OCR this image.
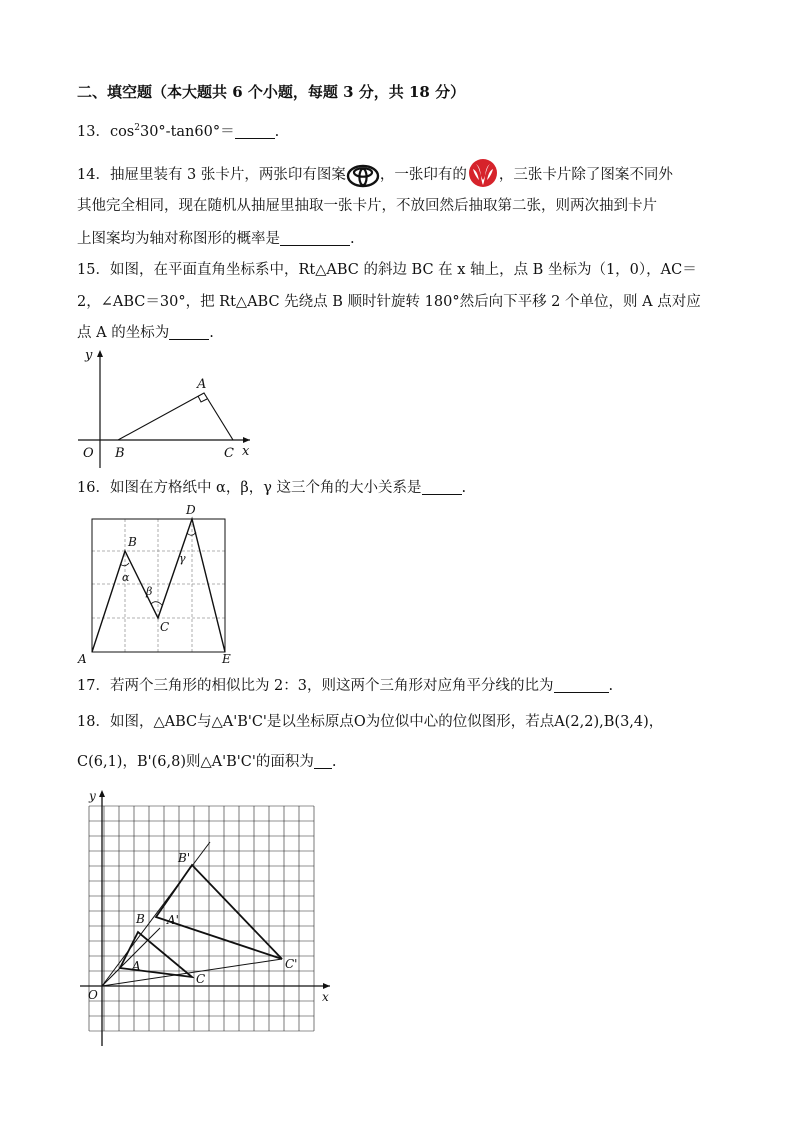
二、填空题（本大题共 6 个小题，每题 3 分，共 18 分）
13．$\cos^230^\circ-\tan 60^\circ=$	.
14．抽屉里装有 3 张卡片，两张印有图案 ，一张印有的 ，三张卡片除了图案不同外
其他完全相同，现在随机从抽屉里抽取一张卡片，不放回然后抽取第二张，则两次抽到卡片
上图案均为轴对称图形的概率是	.
15．如图，在平面直角坐标系中，Rt△ABC 的斜边 BC 在 x 轴上，点 B 坐标为（1，0），AC＝
2，∠ABC＝30°，把 Rt△ABC 先绕点 B 顺时针旋转 180°然后向下平移 2 个单位，则 A 点对应
点 A 的坐标为	.
y
x
O B	C
A
16．如图在方格纸中 α，β，γ 这三个角的大小关系是	.
A
B
C
D
E
α
β
γ
17．若两个三角形的相似比为 2：3，则这两个三角形对应角平分线的比为	.
18．如图，△ABC与△A'B'C'是以坐标原点O为位似中心的位似图形，若点A(2,2),B(3,4)，
C(6,1)，B'(6,8)则△A'B'C'的面积为 .
y
x
O
A
B
C
A'
B'
C'
